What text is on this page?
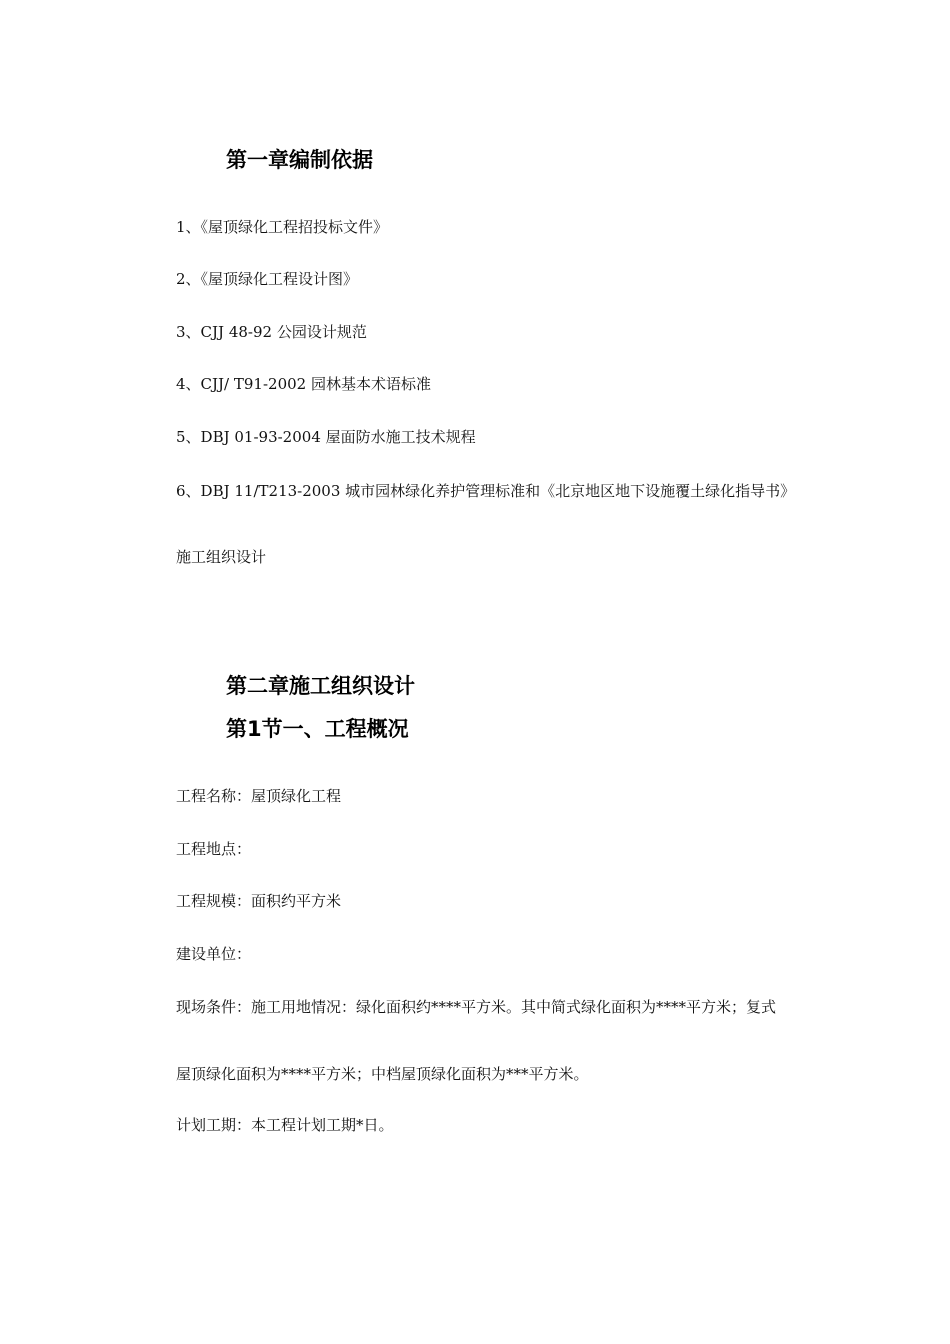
第一章编制依据
1、《屋顶绿化工程招投标文件》
2、《屋顶绿化工程设计图》
3、CJJ 48-92 公园设计规范
4、CJJ/ T91-2002 园林基本术语标准
5、DBJ 01-93-2004 屋面防水施工技术规程
6、DBJ 11/T213-2003 城市园林绿化养护管理标准和《北京地区地下设施覆土绿化指导书》
施工组织设计
第二章施工组织设计
第1节一、工程概况
工程名称：屋顶绿化工程
工程地点：
工程规模：面积约平方米
建设单位：
现场条件：施工用地情况：绿化面积约****平方米。其中简式绿化面积为****平方米；复式
屋顶绿化面积为****平方米；中档屋顶绿化面积为***平方米。
计划工期：本工程计划工期*日。
